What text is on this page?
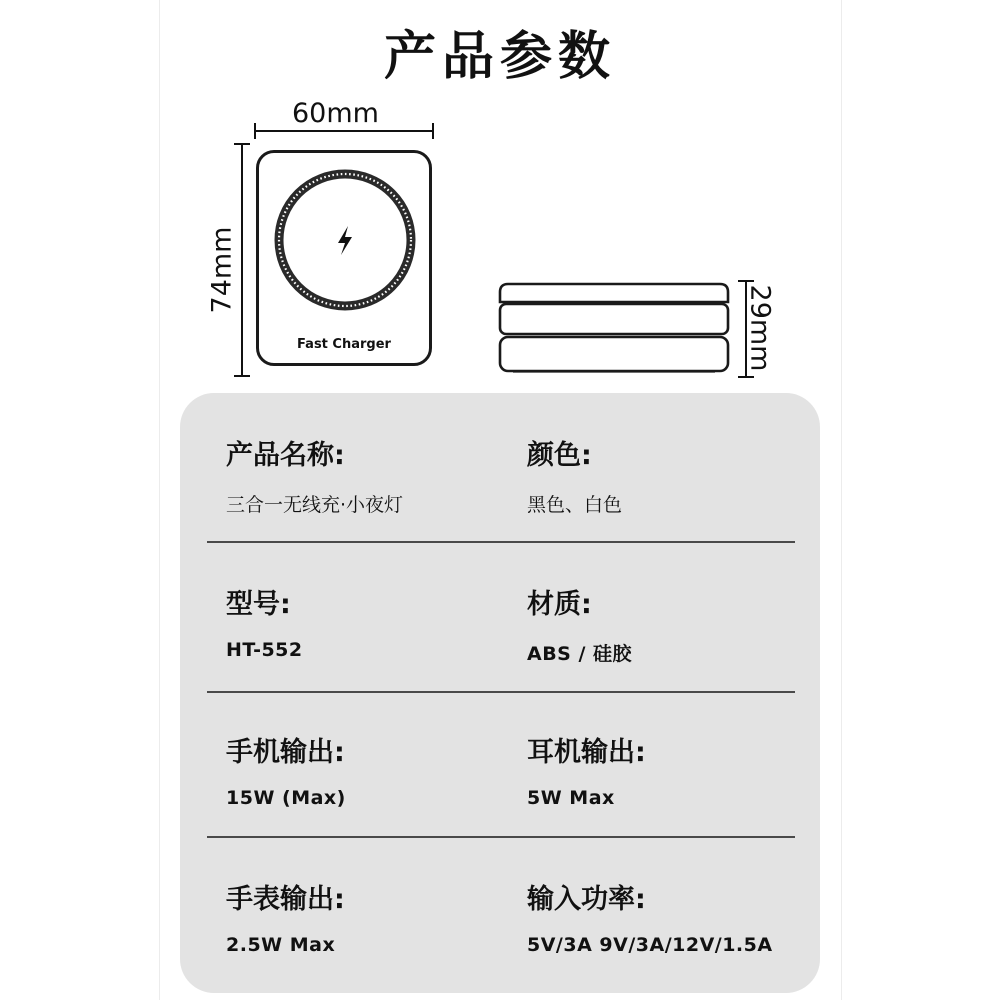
产品参数
60mm
74mm
Fast Charger	29mm
产品名称:
三合一无线充·小夜灯
颜色:
黑色、白色
型号:
HT-552
材质:
ABS / 硅胶
手机输出:
15W (Max)
耳机输出:
5W Max
手表输出:
2.5W Max
输入功率:
5V/3A 9V/3A/12V/1.5A
